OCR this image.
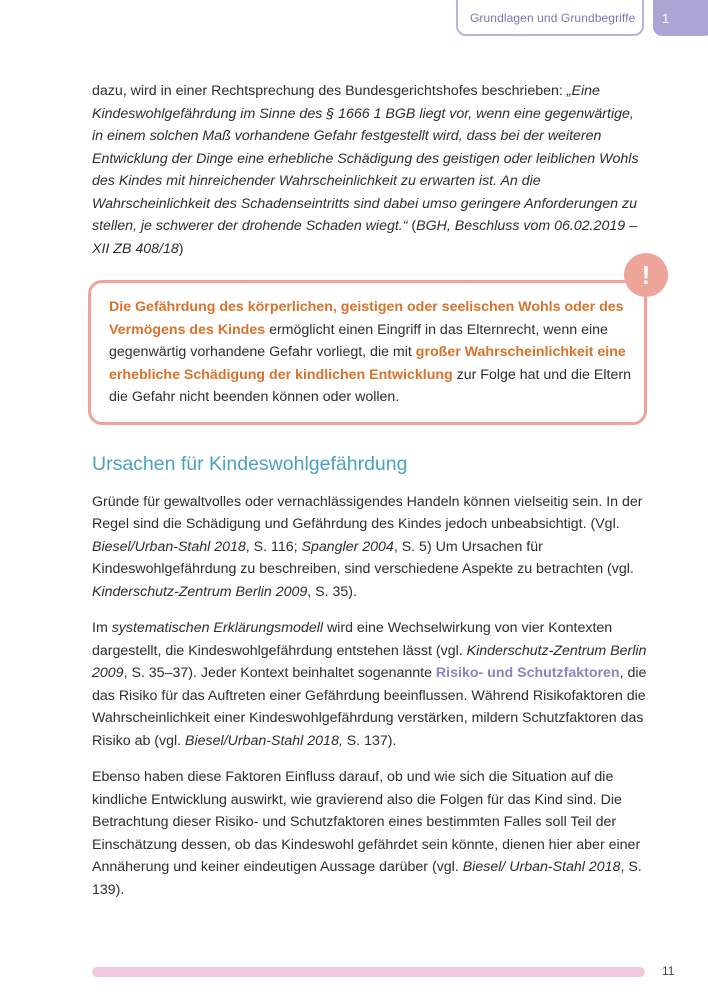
Grundlagen und Grundbegriffe 1

dazu, wird in einer Rechtsprechung des Bundesgerichtshofes beschrieben: „Eine Kindeswohlgefährdung im Sinne des § 1666 1 BGB liegt vor, wenn eine gegenwärtige, in einem solchen Maß vorhandene Gefahr festgestellt wird, dass bei der weiteren Entwicklung der Dinge eine erhebliche Schädigung des geistigen oder leiblichen Wohls des Kindes mit hinreichender Wahrscheinlichkeit zu erwarten ist. An die Wahrscheinlichkeit des Schadenseintritts sind dabei umso geringere Anforderungen zu stellen, je schwerer der drohende Schaden wiegt.“ (BGH, Beschluss vom 06.02.2019 – XII ZB 408/18)

!

Die Gefährdung des körperlichen, geistigen oder seelischen Wohls oder des Vermögens des Kindes ermöglicht einen Eingriff in das Elternrecht, wenn eine gegenwärtig vorhandene Gefahr vorliegt, die mit großer Wahrscheinlichkeit eine erhebliche Schädigung der kindlichen Entwicklung zur Folge hat und die Eltern die Gefahr nicht beenden können oder wollen.

Ursachen für Kindeswohlgefährdung

Gründe für gewaltvolles oder vernachlässigendes Handeln können vielseitig sein. In der Regel sind die Schädigung und Gefährdung des Kindes jedoch unbeabsichtigt. (Vgl. Biesel/Urban-Stahl 2018, S. 116; Spangler 2004, S. 5) Um Ursachen für Kindeswohlgefährdung zu beschreiben, sind verschiedene Aspekte zu betrachten (vgl. Kinderschutz-Zentrum Berlin 2009, S. 35).

Im systematischen Erklärungsmodell wird eine Wechselwirkung von vier Kontexten dargestellt, die Kindeswohlgefährdung entstehen lässt (vgl. Kinderschutz-Zentrum Berlin 2009, S. 35–37). Jeder Kontext beinhaltet sogenannte Risiko- und Schutzfaktoren, die das Risiko für das Auftreten einer Gefährdung beeinflussen. Während Risikofaktoren die Wahrscheinlichkeit einer Kindeswohlgefährdung verstärken, mildern Schutzfaktoren das Risiko ab (vgl. Biesel/Urban-Stahl 2018, S. 137).

Ebenso haben diese Faktoren Einfluss darauf, ob und wie sich die Situation auf die kindliche Entwicklung auswirkt, wie gravierend also die Folgen für das Kind sind. Die Betrachtung dieser Risiko- und Schutzfaktoren eines bestimmten Falles soll Teil der Einschätzung dessen, ob das Kindeswohl gefährdet sein könnte, dienen hier aber einer Annäherung und keiner eindeutigen Aussage darüber (vgl. Biesel/ Urban-Stahl 2018, S. 139).

11
